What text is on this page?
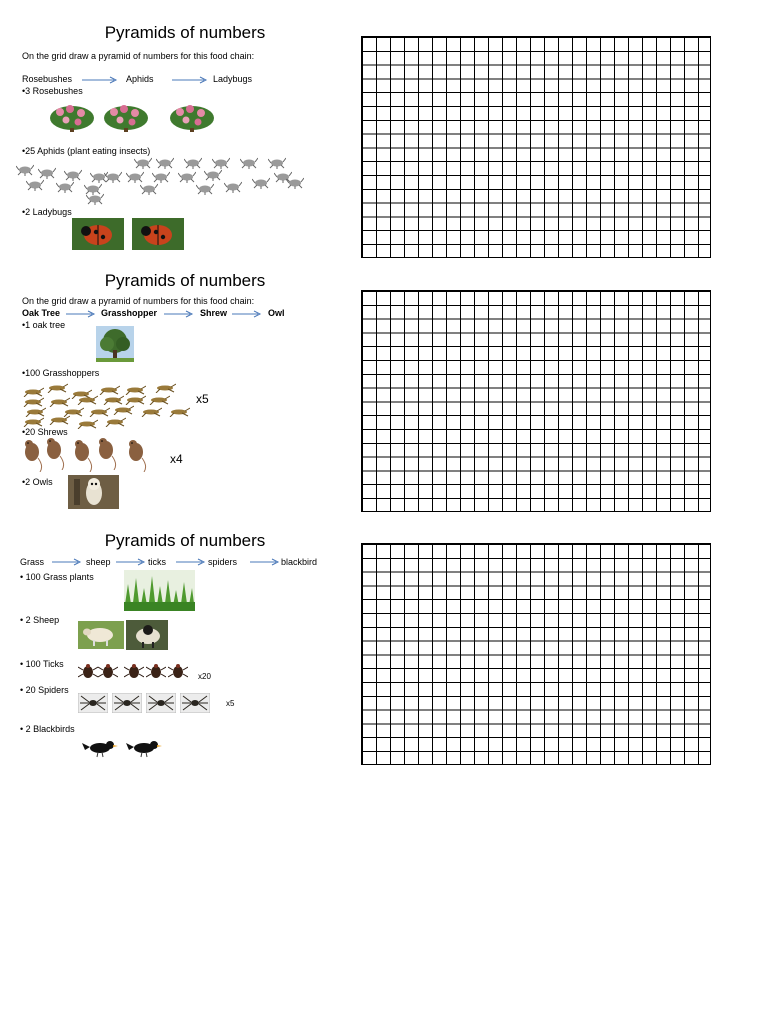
Pyramids of numbers
On the grid draw a pyramid of numbers for this food chain:
Rosebushes	Aphids	Ladybugs
•3 Rosebushes
•25 Aphids (plant eating insects)
•2 Ladybugs
Pyramids of numbers
On the grid draw a pyramid of numbers for this food chain:
Oak Tree	Grasshopper	Shrew	Owl
•1 oak tree
•100 Grasshoppers
x5
•20 Shrews
x4
•2 Owls
Pyramids of numbers
Grass	sheep	ticks	spiders	blackbird
• 100 Grass plants
• 2 Sheep
• 100 Ticks
x20
• 20 Spiders
x5
• 2 Blackbirds
